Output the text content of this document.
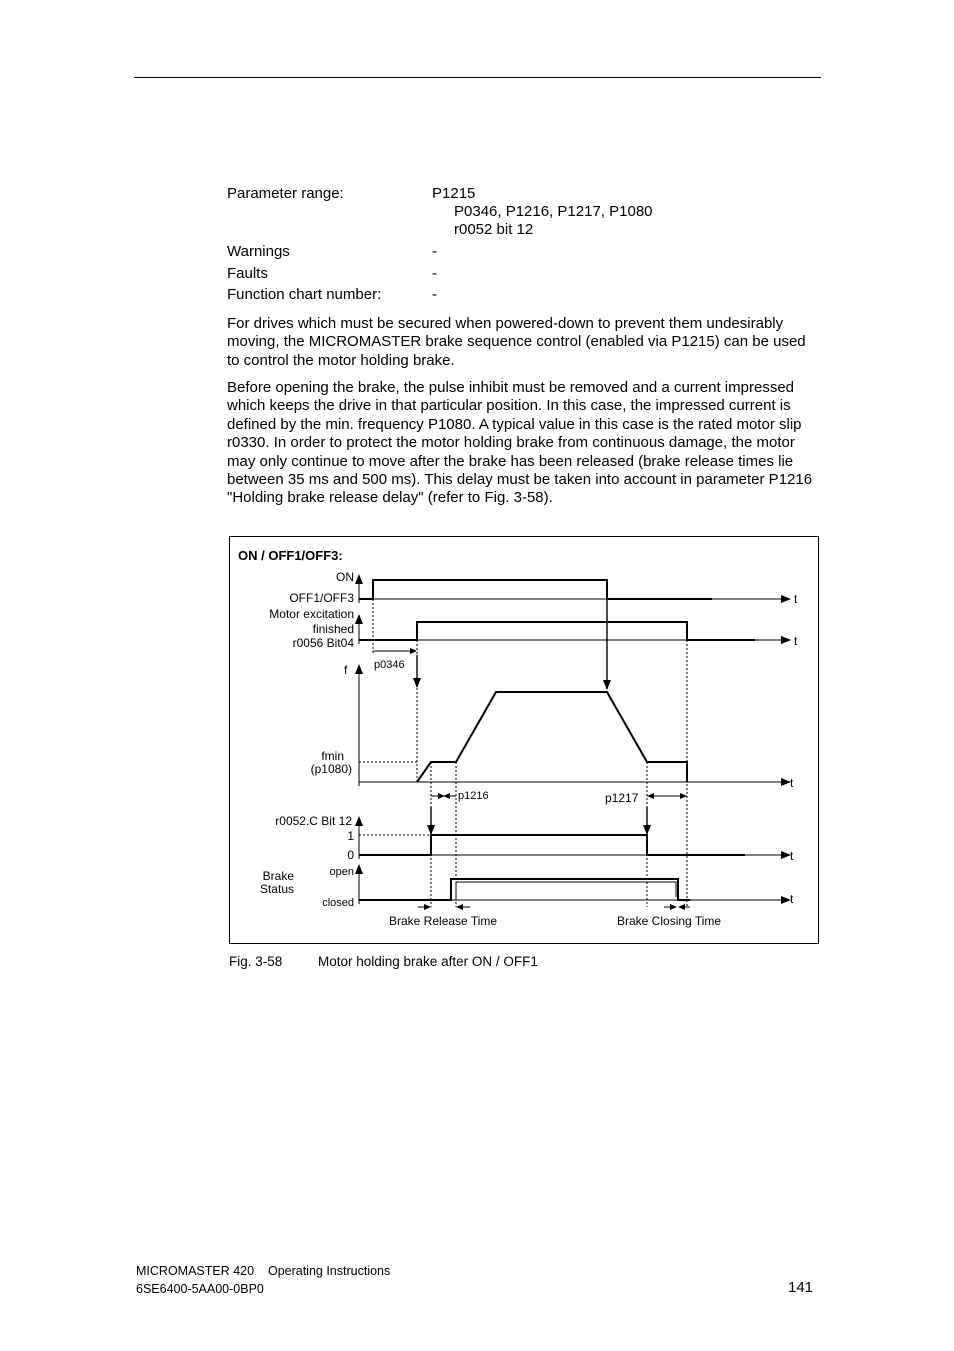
Parameter range:	P1215
P0346, P1216, P1217, P1080
r0052 bit 12
Warnings	-
Faults	-
Function chart number:	-
For drives which must be secured when powered-down to prevent them undesirably moving, the MICROMASTER brake sequence control (enabled via P1215) can be used to control the motor holding brake.
Before opening the brake, the pulse inhibit must be removed and a current impressed which keeps the drive in that particular position. In this case, the impressed current is defined by the min. frequency P1080. A typical value in this case is the rated motor slip r0330. In order to protect the motor holding brake from continuous damage, the motor may only continue to move after the brake has been released (brake release times lie between 35 ms and 500 ms). This delay must be taken into account in parameter P1216 "Holding brake release delay" (refer to Fig. 3-58).
ON / OFF1/OFF3:
ON
OFF1/OFF3
Motor excitation
finished
r0056 Bit04
f
fmin
(p1080)
r0052.C Bit 12
1
0
Brake
Status
open
closed
t
t
t
t
t
p0346
p1216	p1217
Brake Release Time	Brake Closing Time
Fig. 3-58	Motor holding brake after ON / OFF1
MICROMASTER 420    Operating Instructions
6SE6400-5AA00-0BP0	141
